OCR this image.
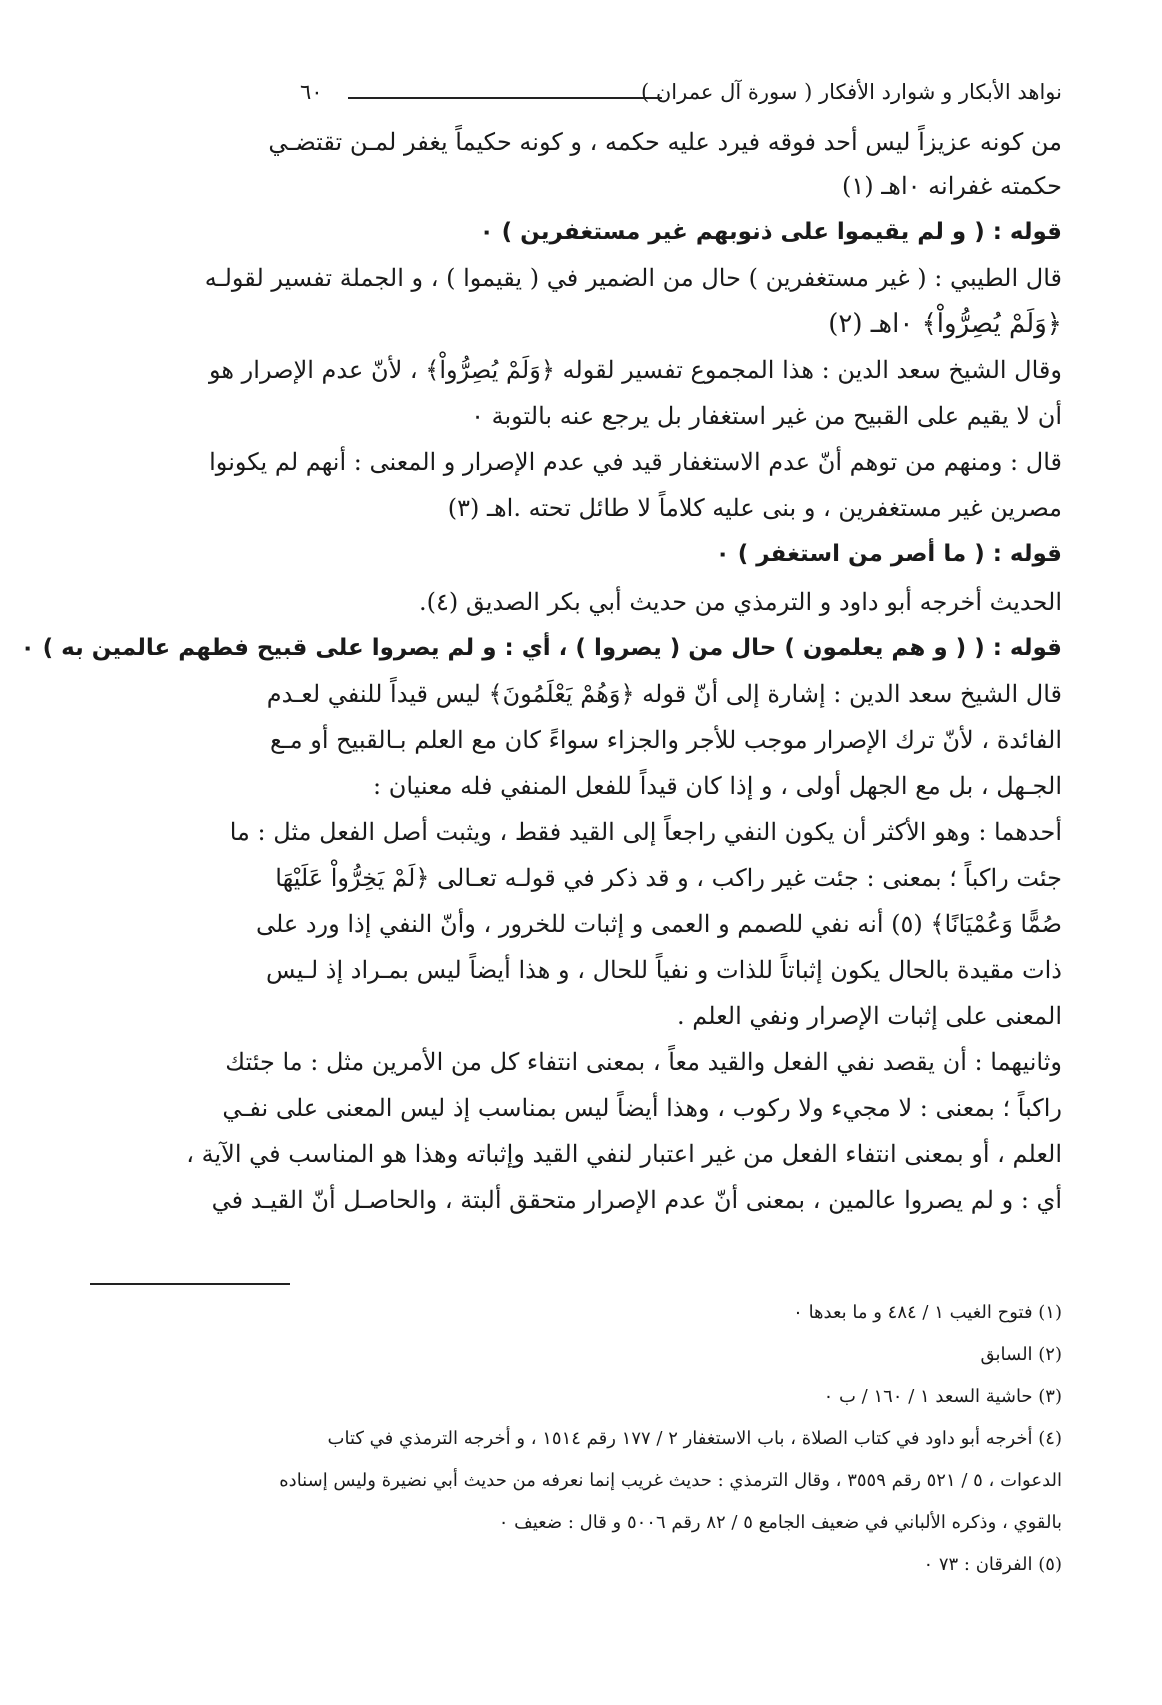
نواهد الأبكار و شوارد الأفكار ( سورة آل عمران )
٦٠
من كونه عزيزاً ليس أحد فوقه فيرد عليه حكمه ، و كونه حكيماً يغفر لمـن تقتضـي
حكمته غفرانه ٠اهـ (١)
قوله : ( و لم يقيموا على ذنوبهم غير مستغفرين ) ٠
قال الطيبي : ( غير مستغفرين ) حال من الضمير في ( يقيموا ) ، و الجملة تفسير لقولـه
﴿وَلَمْ يُصِرُّواْ﴾ ٠اهـ (٢)
وقال الشيخ سعد الدين : هذا المجموع تفسير لقوله ﴿وَلَمْ يُصِرُّواْ﴾ ، لأنّ عدم الإصرار هو
أن لا يقيم على القبيح من غير استغفار بل يرجع عنه بالتوبة ٠
قال : ومنهم من توهم أنّ عدم الاستغفار قيد في عدم الإصرار و المعنى : أنهم لم يكونوا
مصرين غير مستغفرين ، و بنى عليه كلاماً لا طائل تحته .اهـ (٣)
قوله : ( ما أصر من استغفر ) ٠
الحديث أخرجه أبو داود و الترمذي من حديث أبي بكر الصديق (٤).
قوله : ( ( و هم يعلمون ) حال من ( يصروا ) ، أي : و لم يصروا على قبيح فطهم عالمين به ) ٠
قال الشيخ سعد الدين : إشارة إلى أنّ قوله ﴿وَهُمْ يَعْلَمُونَ﴾ ليس قيداً للنفي لعـدم
الفائدة ، لأنّ ترك الإصرار موجب للأجر والجزاء سواءً كان مع العلم بـالقبيح أو مـع
الجـهل ، بل مع الجهل أولى ، و إذا كان قيداً للفعل المنفي فله معنيان :
أحدهما : وهو الأكثر أن يكون النفي راجعاً إلى القيد فقط ، ويثبت أصل الفعل مثل : ما
جئت راكباً ؛ بمعنى : جئت غير راكب ، و قد ذكر في قولـه تعـالى ﴿لَمْ يَخِرُّواْ عَلَيْهَا
صُمًّا وَعُمْيَانًا﴾ (٥) أنه نفي للصمم و العمى و إثبات للخرور ، وأنّ النفي إذا ورد على
ذات مقيدة بالحال يكون إثباتاً للذات و نفياً للحال ، و هذا أيضاً ليس بمـراد إذ لـيس
المعنى على إثبات الإصرار ونفي العلم .
وثانيهما : أن يقصد نفي الفعل والقيد معاً ، بمعنى انتفاء كل من الأمرين مثل : ما جئتك
راكباً ؛ بمعنى : لا مجيء ولا ركوب ، وهذا أيضاً ليس بمناسب إذ ليس المعنى على نفـي
العلم ، أو بمعنى انتفاء الفعل من غير اعتبار لنفي القيد وإثباته وهذا هو المناسب في الآية ،
أي : و لم يصروا عالمين ، بمعنى أنّ عدم الإصرار متحقق ألبتة ، والحاصـل أنّ القيـد في
(١) فتوح الغيب ١ / ٤٨٤ و ما بعدها ٠
(٢) السابق
(٣) حاشية السعد ١ / ١٦٠ / ب ٠
(٤) أخرجه أبو داود في كتاب الصلاة ، باب الاستغفار ٢ / ١٧٧ رقم ١٥١٤ ، و أخرجه الترمذي في كتاب
الدعوات ، ٥ / ٥٢١ رقم ٣٥٥٩ ، وقال الترمذي : حديث غريب إنما نعرفه من حديث أبي نضيرة وليس إسناده
بالقوي ، وذكره الألباني في ضعيف الجامع ٥ / ٨٢ رقم ٥٠٠٦ و قال : ضعيف ٠
(٥) الفرقان : ٧٣ ٠
